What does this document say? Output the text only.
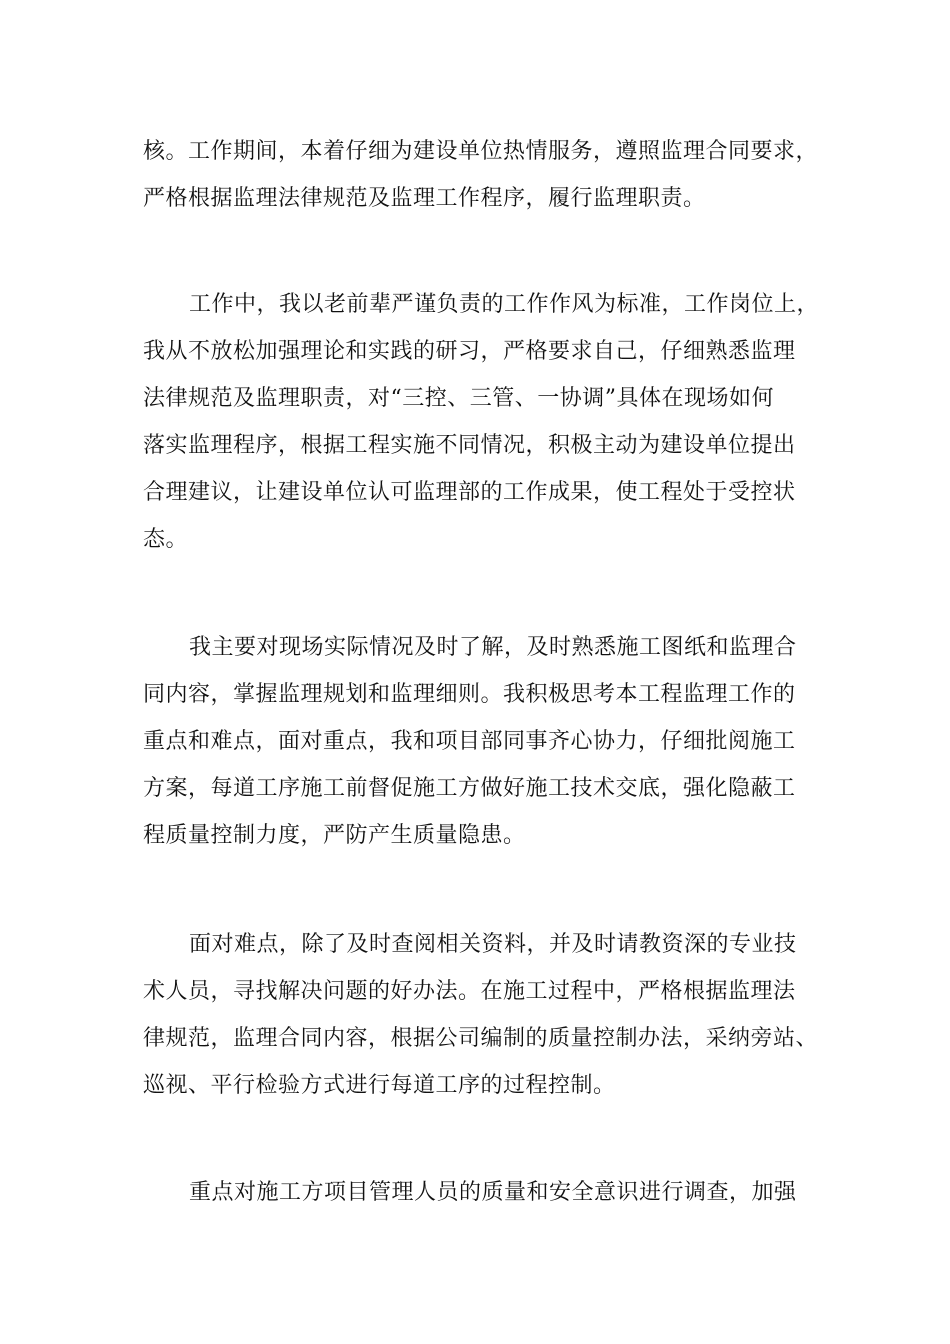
核。工作期间，本着仔细为建设单位热情服务，遵照监理合同要求，
严格根据监理法律规范及监理工作程序，履行监理职责。
工作中，我以老前辈严谨负责的工作作风为标准，工作岗位上，
我从不放松加强理论和实践的研习，严格要求自己，仔细熟悉监理
法律规范及监理职责，对“三控、三管、一协调”具体在现场如何
落实监理程序，根据工程实施不同情况，积极主动为建设单位提出
合理建议，让建设单位认可监理部的工作成果，使工程处于受控状
态。
我主要对现场实际情况及时了解，及时熟悉施工图纸和监理合
同内容，掌握监理规划和监理细则。我积极思考本工程监理工作的
重点和难点，面对重点，我和项目部同事齐心协力，仔细批阅施工
方案，每道工序施工前督促施工方做好施工技术交底，强化隐蔽工
程质量控制力度，严防产生质量隐患。
面对难点，除了及时查阅相关资料，并及时请教资深的专业技
术人员，寻找解决问题的好办法。在施工过程中，严格根据监理法
律规范，监理合同内容，根据公司编制的质量控制办法，采纳旁站、
巡视、平行检验方式进行每道工序的过程控制。
重点对施工方项目管理人员的质量和安全意识进行调查，加强
